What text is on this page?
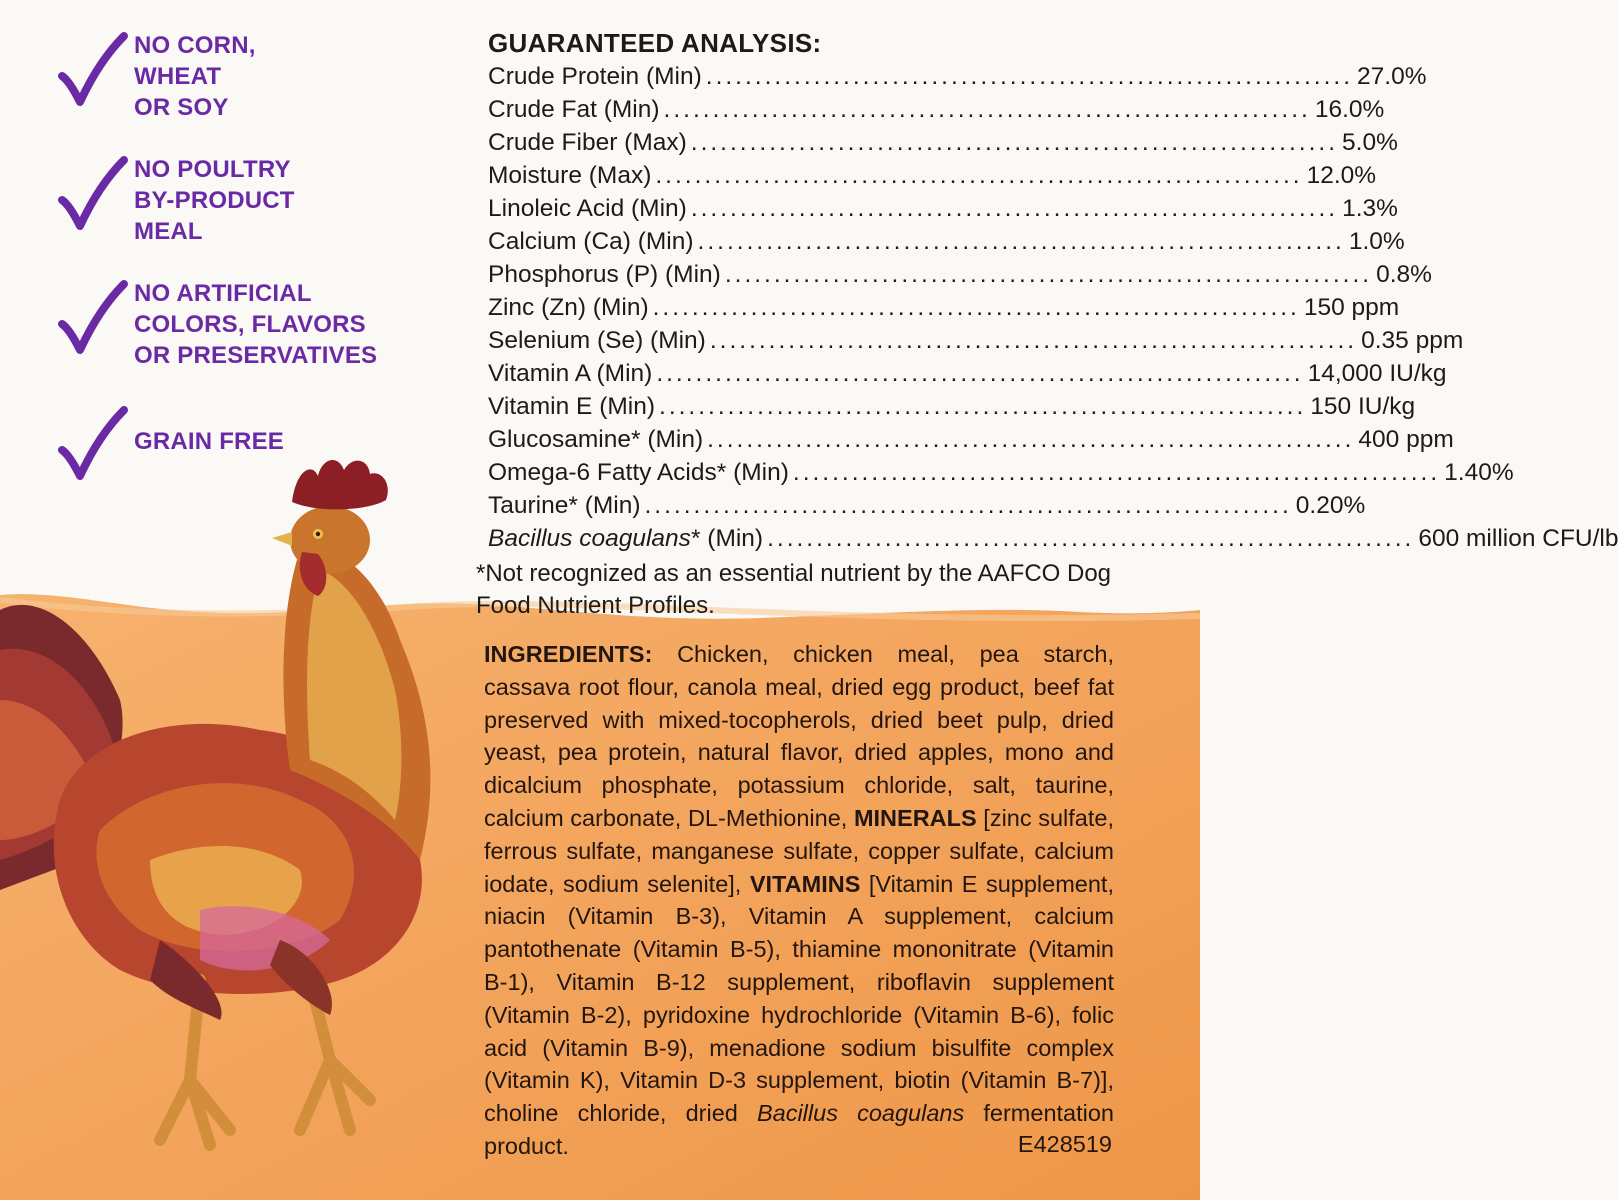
NO CORN,
WHEAT
OR SOY
NO POULTRY
BY-PRODUCT
MEAL
NO ARTIFICIAL
COLORS, FLAVORS
OR PRESERVATIVES
GRAIN FREE
GUARANTEED ANALYSIS:
Crude Protein (Min) .................................................................. 27.0%
Crude Fat (Min) .................................................................. 16.0%
Crude Fiber (Max) .................................................................. 5.0%
Moisture (Max) .................................................................. 12.0%
Linoleic Acid (Min) .................................................................. 1.3%
Calcium (Ca) (Min) .................................................................. 1.0%
Phosphorus (P) (Min) .................................................................. 0.8%
Zinc (Zn) (Min) .................................................................. 150 ppm
Selenium (Se) (Min) .................................................................. 0.35 ppm
Vitamin A (Min) .................................................................. 14,000 IU/kg
Vitamin E (Min) .................................................................. 150 IU/kg
Glucosamine* (Min) .................................................................. 400 ppm
Omega-6 Fatty Acids* (Min) .................................................................. 1.40%
Taurine* (Min) .................................................................. 0.20%
Bacillus coagulans* (Min) .................................................................. 600 million CFU/lb
*Not recognized as an essential nutrient by the AAFCO Dog Food Nutrient Profiles.
INGREDIENTS: Chicken, chicken meal, pea starch, cassava root flour, canola meal, dried egg product, beef fat preserved with mixed-tocopherols, dried beet pulp, dried yeast, pea protein, natural flavor, dried apples, mono and dicalcium phosphate, potassium chloride, salt, taurine, calcium carbonate, DL-Methionine, MINERALS [zinc sulfate, ferrous sulfate, manganese sulfate, copper sulfate, calcium iodate, sodium selenite], VITAMINS [Vitamin E supplement, niacin (Vitamin B-3), Vitamin A supplement, calcium pantothenate (Vitamin B-5), thiamine mononitrate (Vitamin B-1), Vitamin B-12 supplement, riboflavin supplement (Vitamin B-2), pyridoxine hydrochloride (Vitamin B-6), folic acid (Vitamin B-9), menadione sodium bisulfite complex (Vitamin K), Vitamin D-3 supplement, biotin (Vitamin B-7)], choline chloride, dried Bacillus coagulans fermentation product.	E428519
